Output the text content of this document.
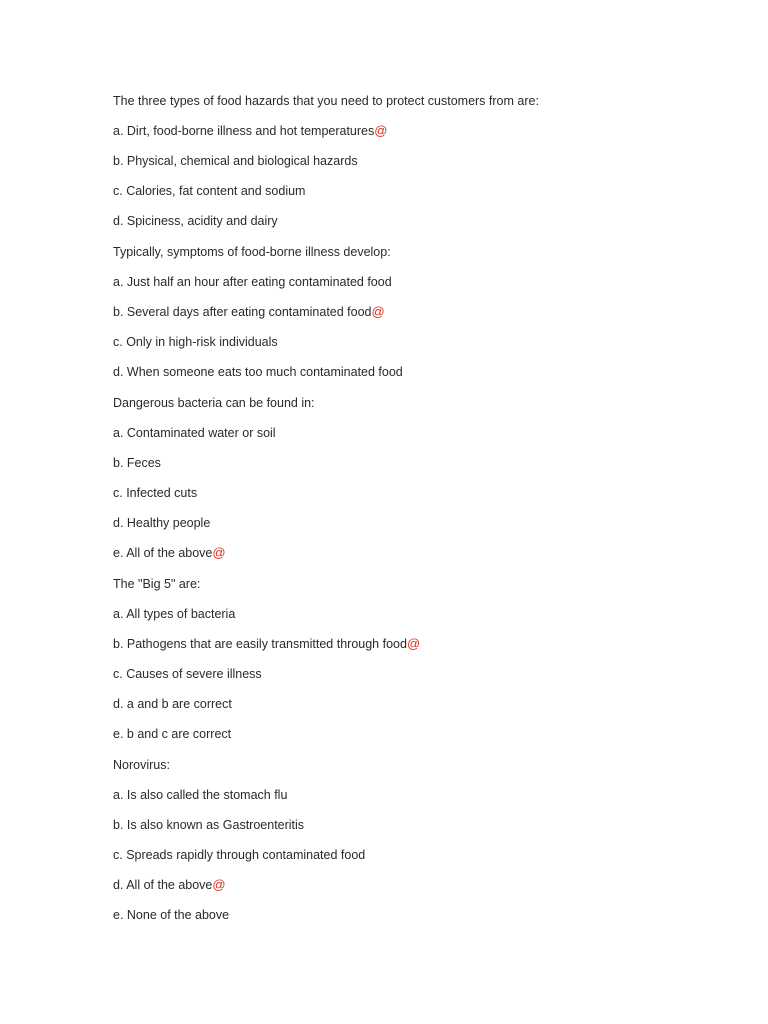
The three types of food hazards that you need to protect customers from are:
a. Dirt, food-borne illness and hot temperatures@
b. Physical, chemical and biological hazards
c. Calories, fat content and sodium
d. Spiciness, acidity and dairy
Typically, symptoms of food-borne illness develop:
a. Just half an hour after eating contaminated food
b. Several days after eating contaminated food@
c. Only in high-risk individuals
d. When someone eats too much contaminated food
Dangerous bacteria can be found in:
a. Contaminated water or soil
b. Feces
c. Infected cuts
d. Healthy people
e. All of the above@
The "Big 5" are:
a. All types of bacteria
b. Pathogens that are easily transmitted through food@
c. Causes of severe illness
d. a and b are correct
e. b and c are correct
Norovirus:
a. Is also called the stomach flu
b. Is also known as Gastroenteritis
c. Spreads rapidly through contaminated food
d. All of the above@
e. None of the above
